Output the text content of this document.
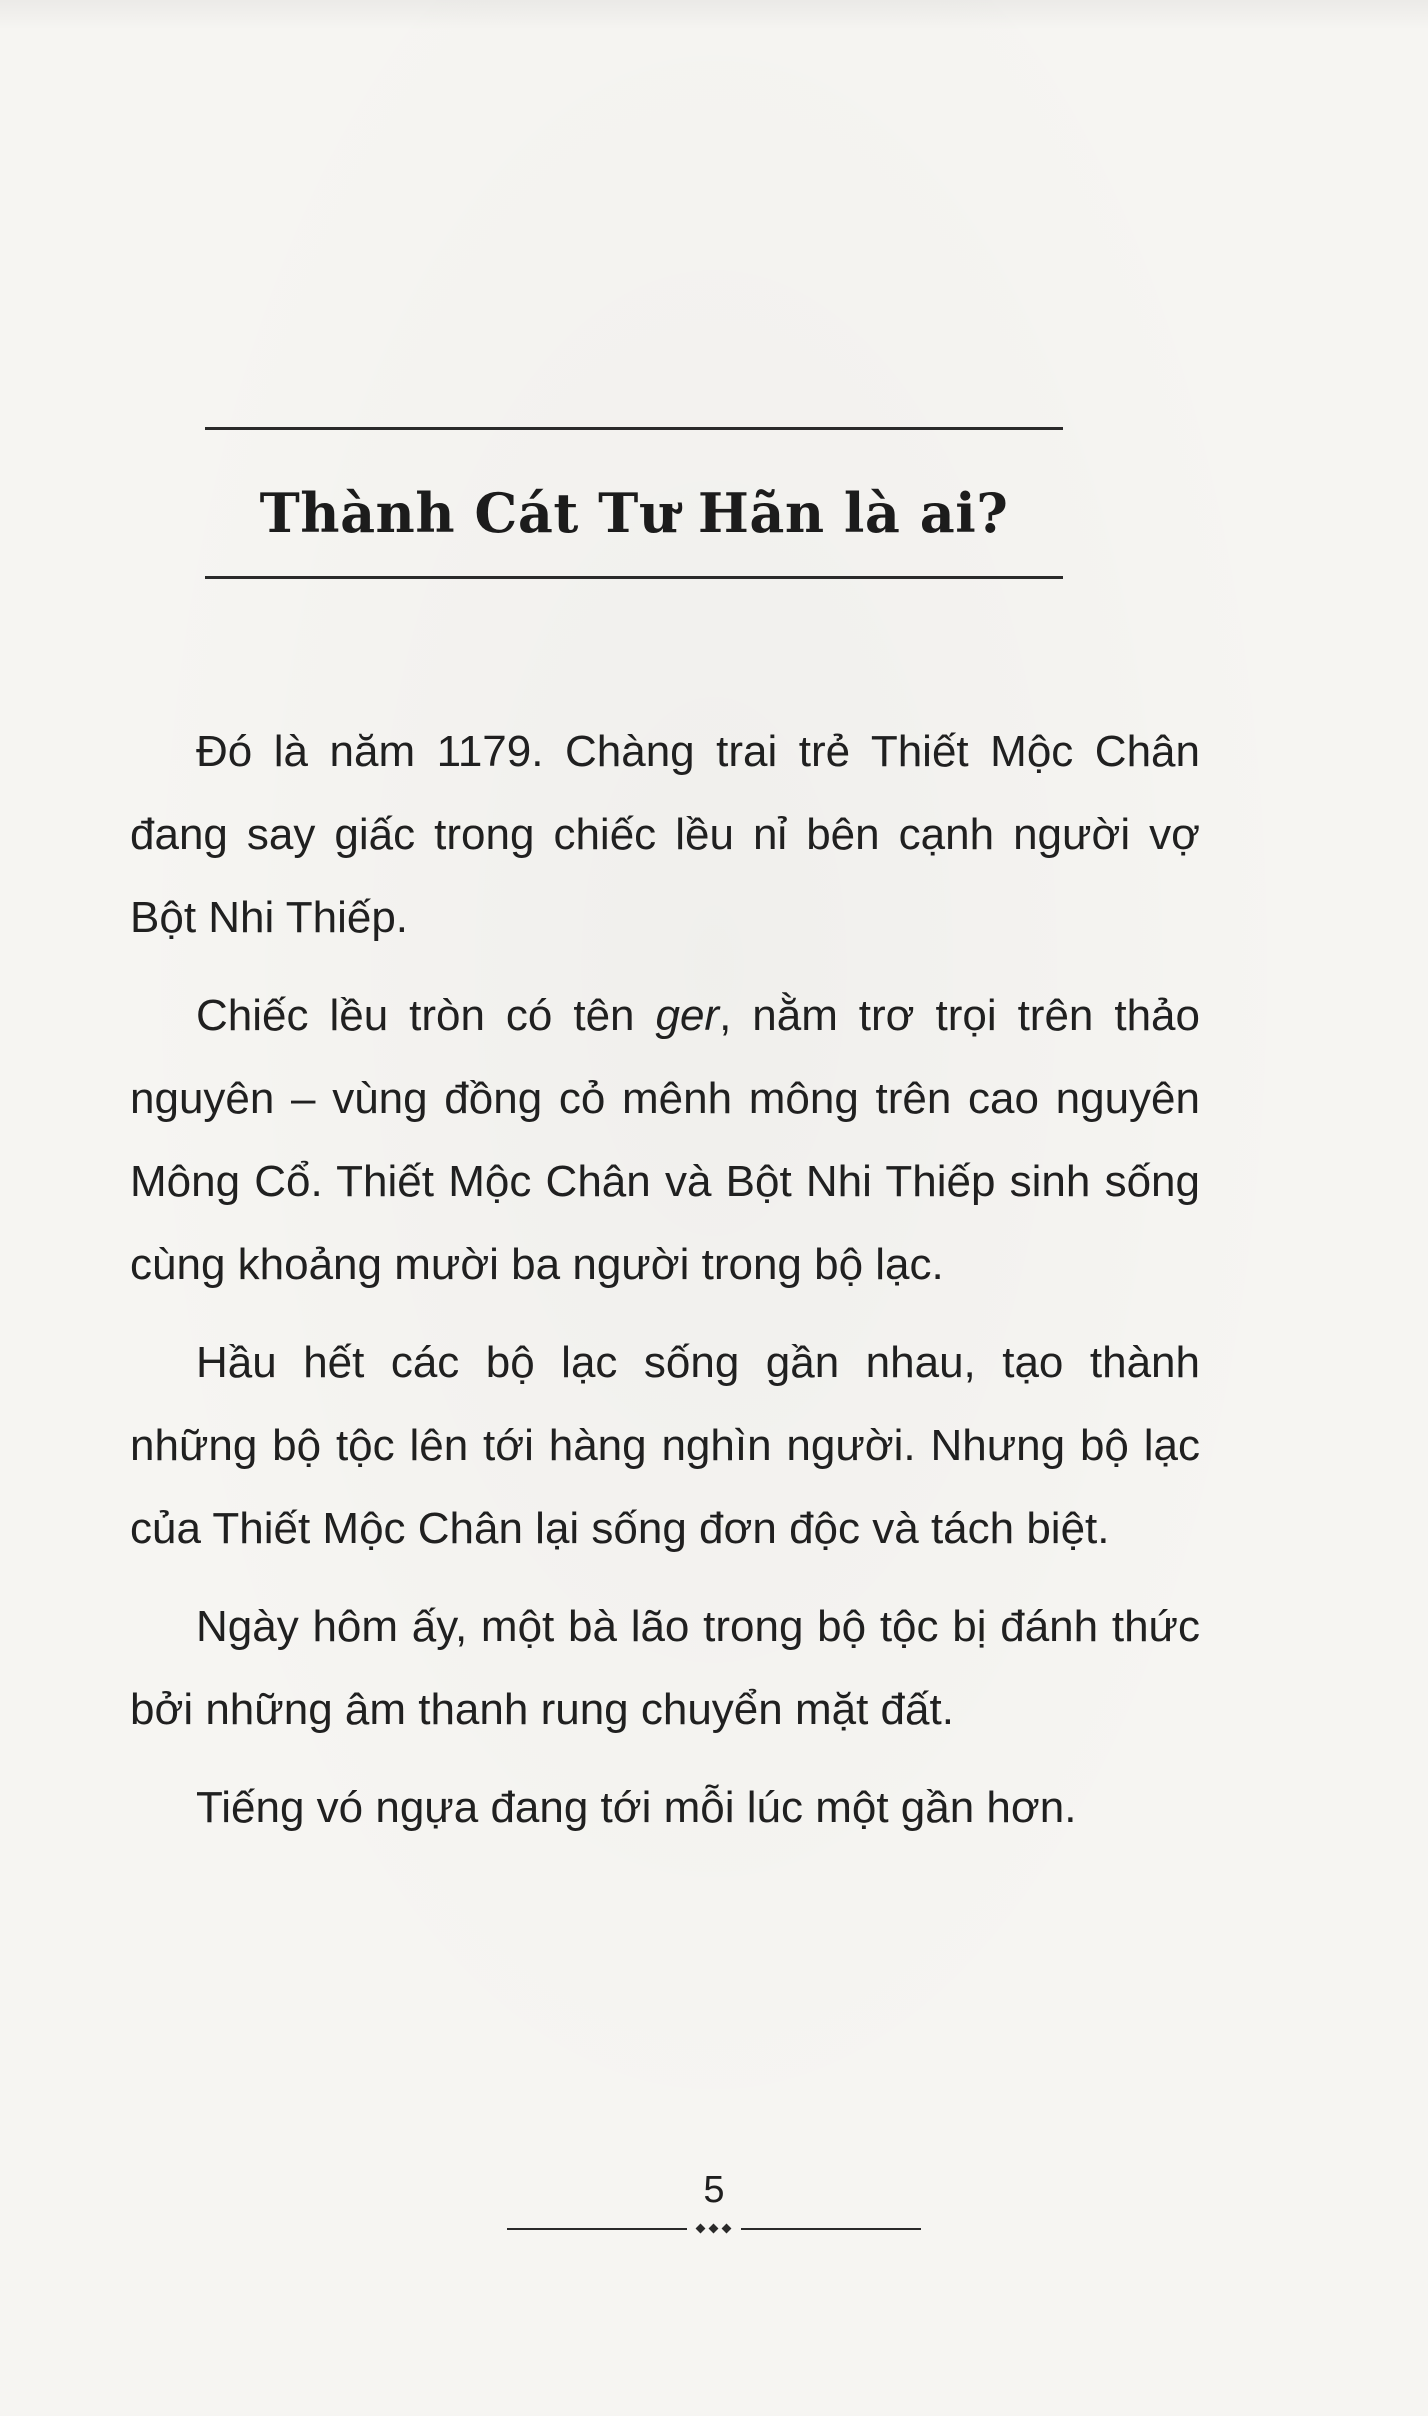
Thành Cát Tư Hãn là ai?

Đó là năm 1179. Chàng trai trẻ Thiết Mộc Chân đang say giấc trong chiếc lều nỉ bên cạnh người vợ Bột Nhi Thiếp.

Chiếc lều tròn có tên ger, nằm trơ trọi trên thảo nguyên – vùng đồng cỏ mênh mông trên cao nguyên Mông Cổ. Thiết Mộc Chân và Bột Nhi Thiếp sinh sống cùng khoảng mười ba người trong bộ lạc.

Hầu hết các bộ lạc sống gần nhau, tạo thành những bộ tộc lên tới hàng nghìn người. Nhưng bộ lạc của Thiết Mộc Chân lại sống đơn độc và tách biệt.

Ngày hôm ấy, một bà lão trong bộ tộc bị đánh thức bởi những âm thanh rung chuyển mặt đất.

Tiếng vó ngựa đang tới mỗi lúc một gần hơn.

5
